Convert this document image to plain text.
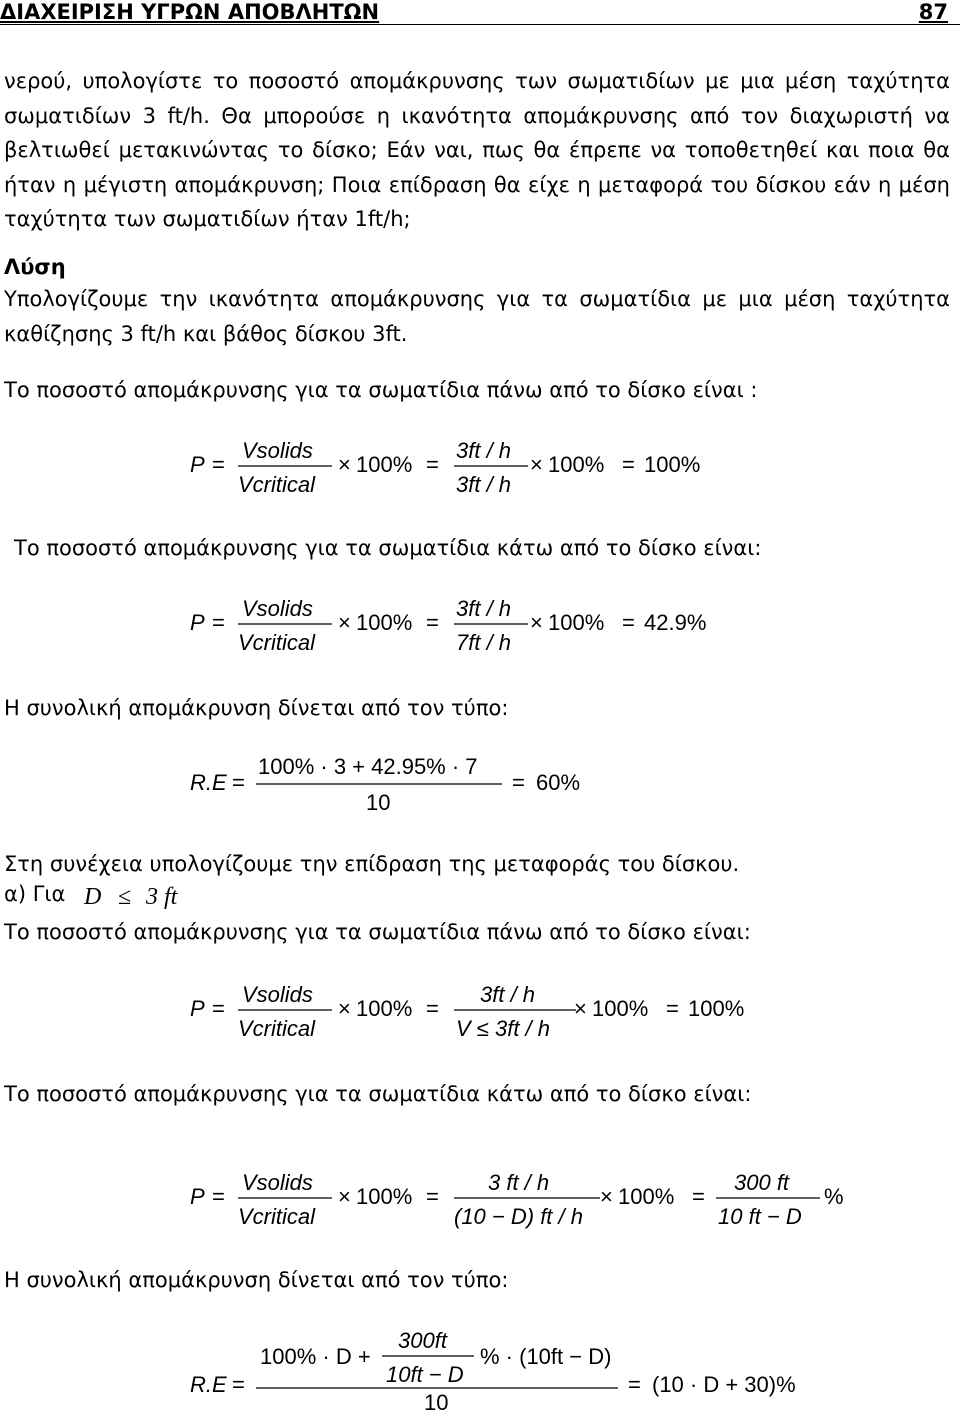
ΔΙΑΧΕΙΡΙΣΗ ΥΓΡΩΝ ΑΠΟΒΛΗΤΩΝ	87

νερού, υπολογίστε το ποσοστό απομάκρυνσης των σωματιδίων με μια μέση ταχύτητα σωματιδίων 3 ft/h. Θα μπορούσε η ικανότητα απομάκρυνσης από τον διαχωριστή να βελτιωθεί μετακινώντας το δίσκο; Εάν ναι, πως θα έπρεπε να τοποθετηθεί και ποια θα ήταν η μέγιστη απομάκρυνση; Ποια επίδραση θα είχε η μεταφορά του δίσκου εάν η μέση ταχύτητα των σωματιδίων ήταν 1ft/h;

Λύση

Υπολογίζουμε την ικανότητα απομάκρυνσης για τα σωματίδια με μια μέση ταχύτητα καθίζησης 3 ft/h και βάθος δίσκου 3ft.

Το ποσοστό απομάκρυνσης για τα σωματίδια πάνω από το δίσκο είναι :
Το ποσοστό απομάκρυνσης για τα σωματίδια κάτω από το δίσκο είναι:
Η συνολική απομάκρυνση δίνεται από τον τύπο:
Στη συνέχεια υπολογίζουμε την επίδραση της μεταφοράς του δίσκου.
α) Για D ≤ 3 ft
Το ποσοστό απομάκρυνσης για τα σωματίδια πάνω από το δίσκο είναι:
Το ποσοστό απομάκρυνσης για τα σωματίδια κάτω από το δίσκο είναι:
Η συνολική απομάκρυνση δίνεται από τον τύπο:
P =
Vsolids
Vcritical
× 100% =
3ft / h
3ft / h
× 100% = 100%
P =
Vsolids
Vcritical
× 100% =
3ft / h
7ft / h
× 100% = 42.9%
R.E =
100% · 3 + 42.95% · 7
10
= 60%
P =
Vsolids
Vcritical
× 100% =
3ft / h
V ≤ 3ft / h
× 100% = 100%
P =
Vsolids
Vcritical
× 100% =
3 ft / h
(10 − D) ft / h
× 100% =
300 ft
10 ft − D
%
R.E =
100% · D +
300ft
10ft − D
% · (10ft − D)
10
= (10 · D + 30)%
